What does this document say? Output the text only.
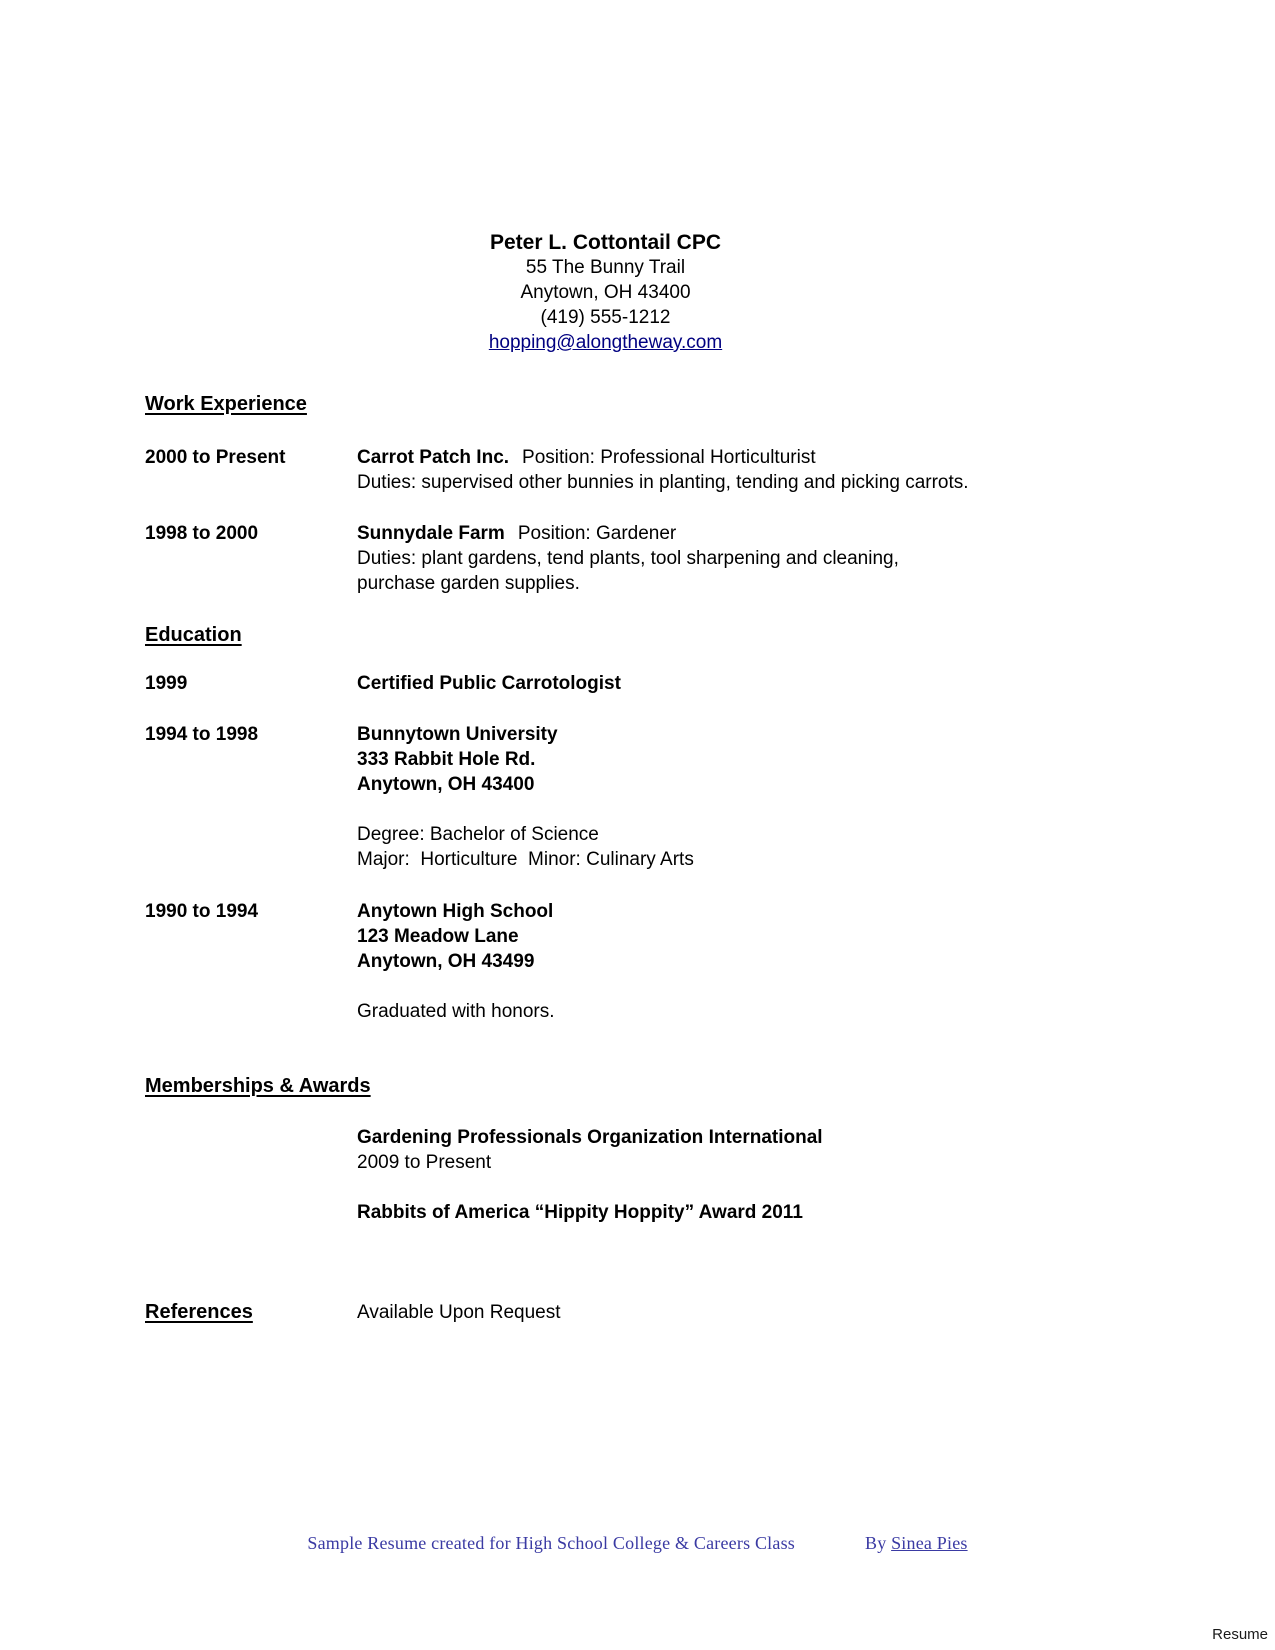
Peter L. Cottontail CPC
55 The Bunny Trail
Anytown, OH 43400
(419) 555-1212
hopping@alongtheway.com
Work Experience
2000 to Present	Carrot Patch Inc. Position: Professional Horticulturist
Duties: supervised other bunnies in planting, tending and picking carrots.
1998 to 2000	Sunnydale Farm Position: Gardener
Duties: plant gardens, tend plants, tool sharpening and cleaning,
purchase garden supplies.
Education
1999	Certified Public Carrotologist
1994 to 1998	Bunnytown University
333 Rabbit Hole Rd.
Anytown, OH 43400
Degree: Bachelor of Science
Major:  Horticulture  Minor: Culinary Arts
1990 to 1994	Anytown High School
123 Meadow Lane
Anytown, OH 43499
Graduated with honors.
Memberships & Awards
Gardening Professionals Organization International
2009 to Present
Rabbits of America “Hippity Hoppity” Award 2011
References	Available Upon Request
Sample Resume created for High School College & Careers Class	By Sinea Pies
Resume
